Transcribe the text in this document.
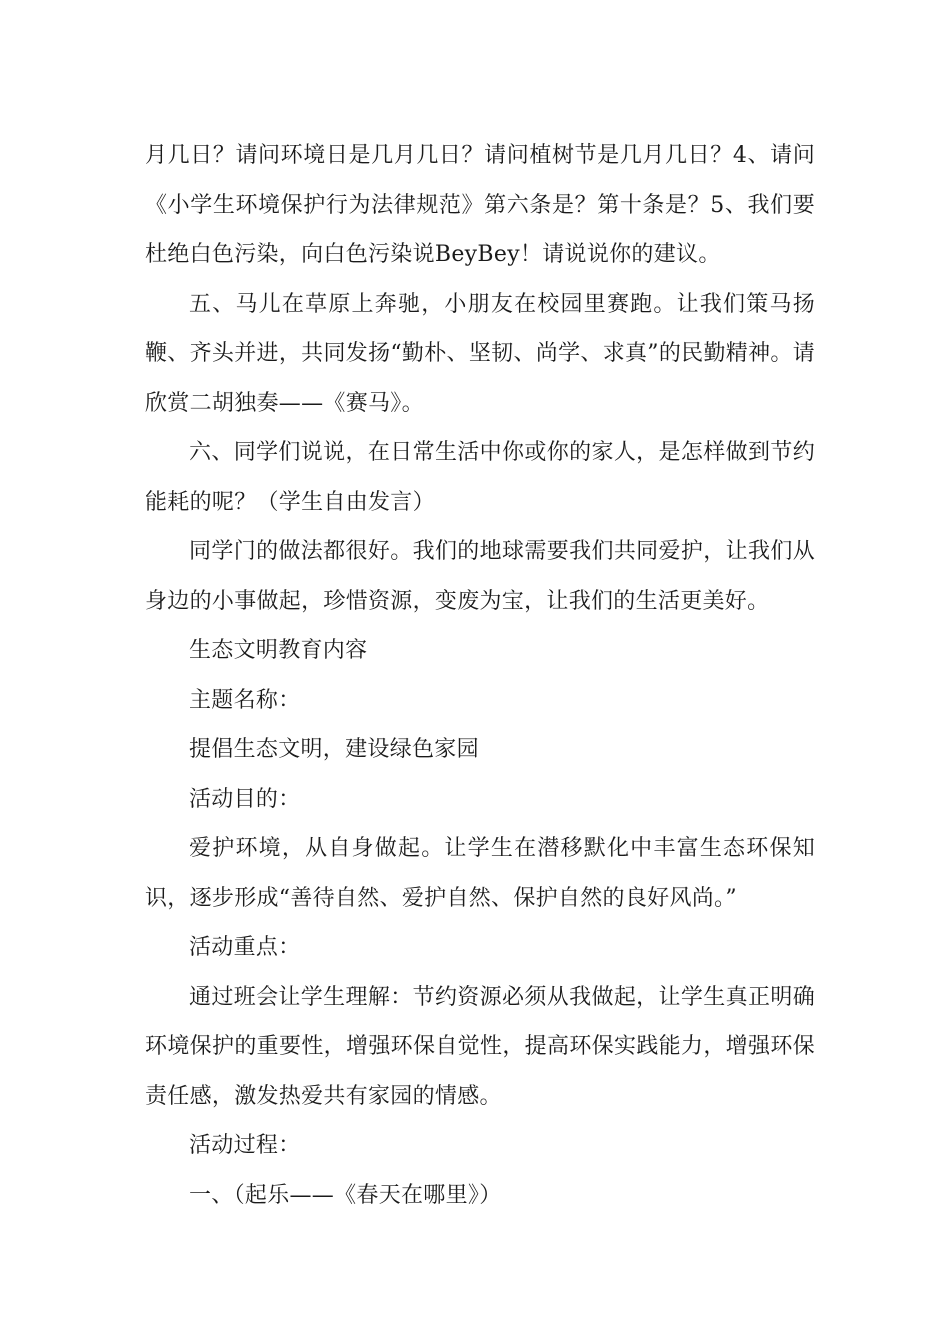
月几日？请问环境日是几月几日？请问植树节是几月几日？4、请问《小学生环境保护行为法律规范》第六条是？第十条是？5、我们要杜绝白色污染，向白色污染说BeyBey！请说说你的建议。

五、马儿在草原上奔驰，小朋友在校园里赛跑。让我们策马扬鞭、齐头并进，共同发扬“勤朴、坚韧、尚学、求真”的民勤精神。请欣赏二胡独奏——《赛马》。

六、同学们说说，在日常生活中你或你的家人，是怎样做到节约能耗的呢？（学生自由发言）

同学门的做法都很好。我们的地球需要我们共同爱护，让我们从身边的小事做起，珍惜资源，变废为宝，让我们的生活更美好。

生态文明教育内容

主题名称：

提倡生态文明，建设绿色家园

活动目的：

爱护环境，从自身做起。让学生在潜移默化中丰富生态环保知识，逐步形成“善待自然、爱护自然、保护自然的良好风尚。”

活动重点：

通过班会让学生理解：节约资源必须从我做起，让学生真正明确环境保护的重要性，增强环保自觉性，提高环保实践能力，增强环保责任感，激发热爱共有家园的情感。

活动过程：

一、（起乐——《春天在哪里》）
